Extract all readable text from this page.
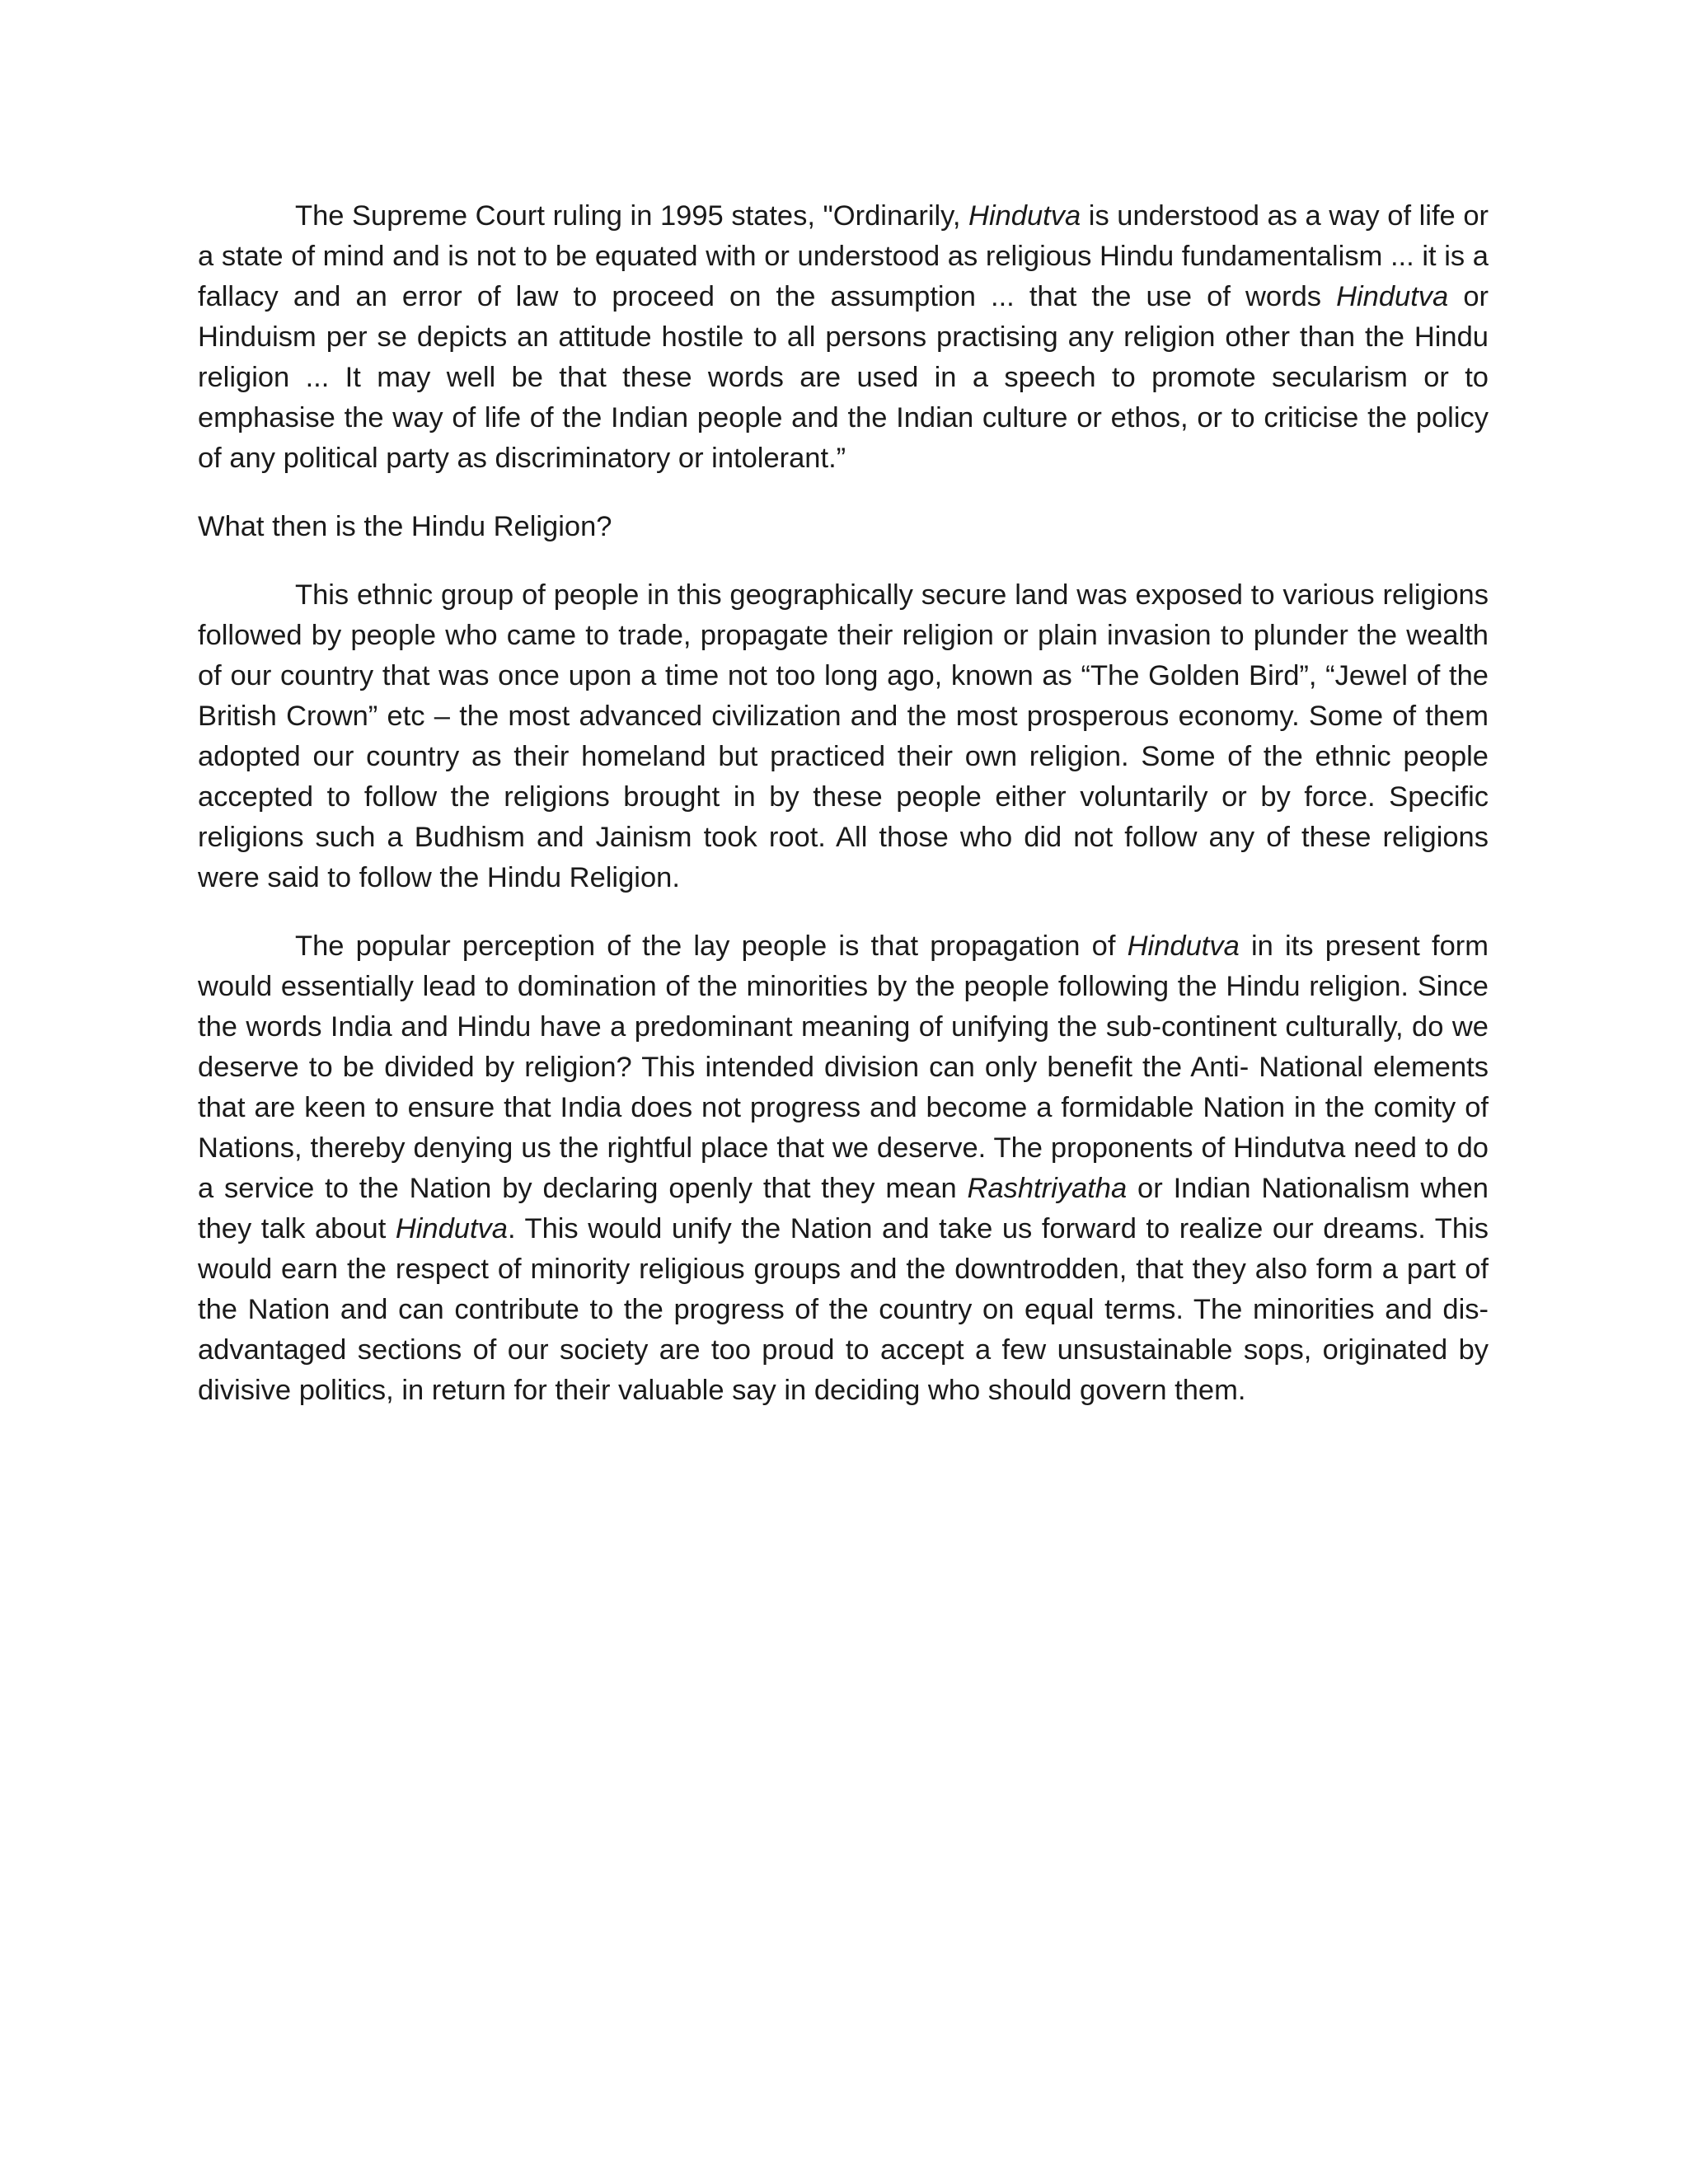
The Supreme Court ruling in 1995 states, "Ordinarily, Hindutva is understood as a way of life or a state of mind and is not to be equated with or understood as religious Hindu fundamentalism ... it is a fallacy and an error of law to proceed on the assumption ... that the use of words Hindutva or Hinduism per se depicts an attitude hostile to all persons practising any religion other than the Hindu religion ... It may well be that these words are used in a speech to promote secularism or to emphasise the way of life of the Indian people and the Indian culture or ethos, or to criticise the policy of any political party as discriminatory or intolerant.”

What then is the Hindu Religion?

This ethnic group of people in this geographically secure land was exposed to various religions followed by people who came to trade, propagate their religion or plain invasion to plunder the wealth of our country that was once upon a time not too long ago, known as “The Golden Bird”, “Jewel of the British Crown” etc – the most advanced civilization and the most prosperous economy. Some of them adopted our country as their homeland but practiced their own religion. Some of the ethnic people accepted to follow the religions brought in by these people either voluntarily or by force. Specific religions such a Budhism and Jainism took root. All those who did not follow any of these religions were said to follow the Hindu Religion.

The popular perception of the lay people is that propagation of Hindutva in its present form would essentially lead to domination of the minorities by the people following the Hindu religion. Since the words India and Hindu have a predominant meaning of unifying the sub-continent culturally, do we deserve to be divided by religion? This intended division can only benefit the Anti- National elements that are keen to ensure that India does not progress and become a formidable Nation in the comity of Nations, thereby denying us the rightful place that we deserve. The proponents of Hindutva need to do a service to the Nation by declaring openly that they mean Rashtriyatha or Indian Nationalism when they talk about Hindutva. This would unify the Nation and take us forward to realize our dreams. This would earn the respect of minority religious groups and the downtrodden, that they also form a part of the Nation and can contribute to the progress of the country on equal terms. The minorities and dis-advantaged sections of our society are too proud to accept a few unsustainable sops, originated by divisive politics, in return for their valuable say in deciding who should govern them.
